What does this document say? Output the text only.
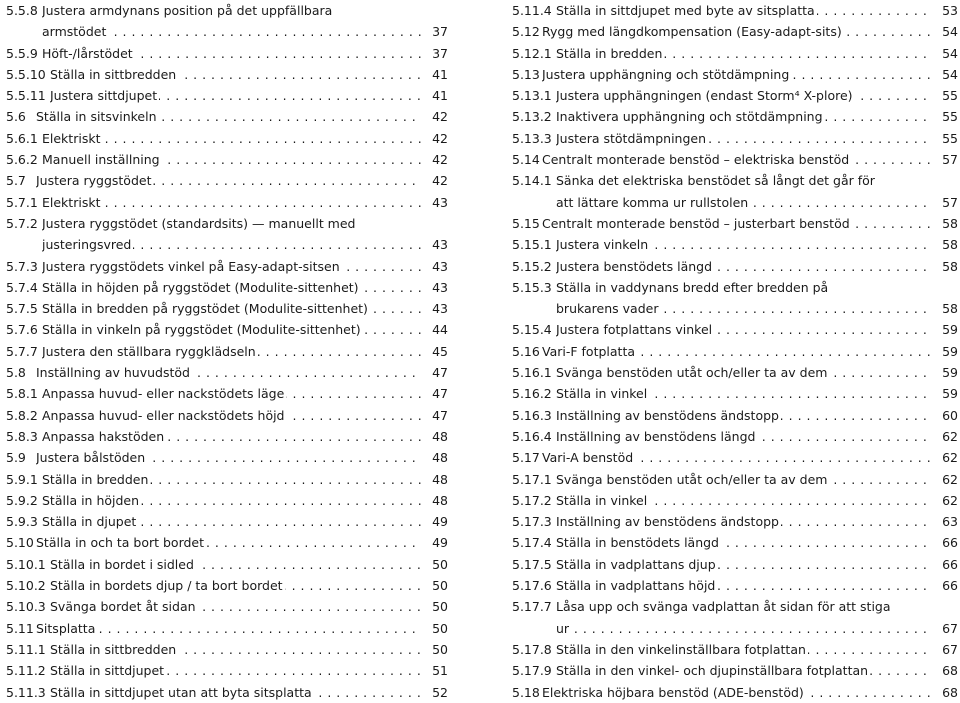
5.5.8 Justera armdynans position på det uppfällbara
armstödet . . .	37
5.5.9 Höft-/lårstödet . . .	37
5.5.10 Ställa in sittbredden . . .	41
5.5.11 Justera sittdjupet . . .	41
5.6 Ställa in sitsvinkeln . . .	42
5.6.1 Elektriskt . . .	42
5.6.2 Manuell inställning . . .	42
5.7 Justera ryggstödet . . .	42
5.7.1 Elektriskt . . .	43
5.7.2 Justera ryggstödet (standardsits) — manuellt med
justeringsvred . . .	43
5.7.3 Justera ryggstödets vinkel på Easy-adapt-sitsen . . .	43
5.7.4 Ställa in höjden på ryggstödet (Modulite-sittenhet) . . .	43
5.7.5 Ställa in bredden på ryggstödet (Modulite-sittenhet) . . .	43
5.7.6 Ställa in vinkeln på ryggstödet (Modulite-sittenhet) . . .	44
5.7.7 Justera den ställbara ryggklädseln . . .	45
5.8 Inställning av huvudstöd . . .	47
5.8.1 Anpassa huvud- eller nackstödets läge . . .	47
5.8.2 Anpassa huvud- eller nackstödets höjd . . .	47
5.8.3 Anpassa hakstöden . . .	48
5.9 Justera bålstöden . . .	48
5.9.1 Ställa in bredden . . .	48
5.9.2 Ställa in höjden . . .	48
5.9.3 Ställa in djupet . . .	49
5.10 Ställa in och ta bort bordet . . .	49
5.10.1 Ställa in bordet i sidled . . .	50
5.10.2 Ställa in bordets djup / ta bort bordet . . .	50
5.10.3 Svänga bordet åt sidan . . .	50
5.11 Sitsplatta . . .	50
5.11.1 Ställa in sittbredden . . .	50
5.11.2 Ställa in sittdjupet . . .	51
5.11.3 Ställa in sittdjupet utan att byta sitsplatta . . .	52
5.11.4 Ställa in sittdjupet med byte av sitsplatta . . .	53
5.12 Rygg med längdkompensation (Easy-adapt-sits) . . .	54
5.12.1 Ställa in bredden . . .	54
5.13 Justera upphängning och stötdämpning . . .	54
5.13.1 Justera upphängningen (endast Storm⁴ X-plore) . . .	55
5.13.2 Inaktivera upphängning och stötdämpning . . .	55
5.13.3 Justera stötdämpningen . . .	55
5.14 Centralt monterade benstöd – elektriska benstöd . . .	57
5.14.1 Sänka det elektriska benstödet så långt det går för
att lättare komma ur rullstolen . . .	57
5.15 Centralt monterade benstöd – justerbart benstöd . . .	58
5.15.1 Justera vinkeln . . .	58
5.15.2 Justera benstödets längd . . .	58
5.15.3 Ställa in vaddynans bredd efter bredden på
brukarens vader . . .	58
5.15.4 Justera fotplattans vinkel . . .	59
5.16 Vari-F fotplatta . . .	59
5.16.1 Svänga benstöden utåt och/eller ta av dem . . .	59
5.16.2 Ställa in vinkel . . .	59
5.16.3 Inställning av benstödens ändstopp . . .	60
5.16.4 Inställning av benstödens längd . . .	62
5.17 Vari-A benstöd . . .	62
5.17.1 Svänga benstöden utåt och/eller ta av dem . . .	62
5.17.2 Ställa in vinkel . . .	62
5.17.3 Inställning av benstödens ändstopp . . .	63
5.17.4 Ställa in benstödets längd . . .	66
5.17.5 Ställa in vadplattans djup . . .	66
5.17.6 Ställa in vadplattans höjd . . .	66
5.17.7 Låsa upp och svänga vadplattan åt sidan för att stiga
ur . . .	67
5.17.8 Ställa in den vinkelinställbara fotplattan . . .	67
5.17.9 Ställa in den vinkel- och djupinställbara fotplattan . . .	68
5.18 Elektriska höjbara benstöd (ADE-benstöd) . . .	68
